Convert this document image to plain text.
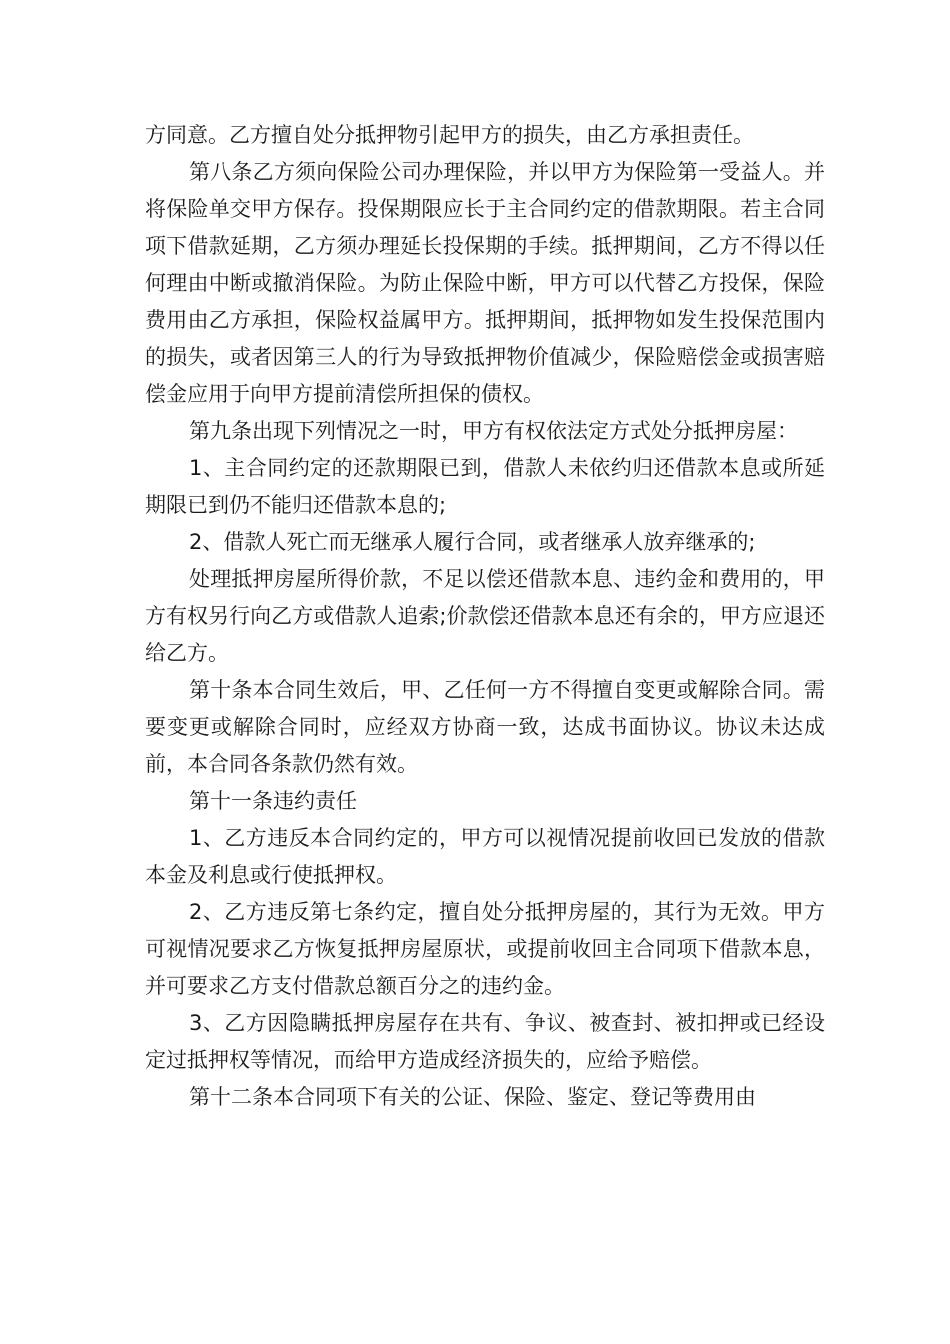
方同意。乙方擅自处分抵押物引起甲方的损失，由乙方承担责任。

第八条乙方须向保险公司办理保险，并以甲方为保险第一受益人。并将保险单交甲方保存。投保期限应长于主合同约定的借款期限。若主合同项下借款延期，乙方须办理延长投保期的手续。抵押期间，乙方不得以任何理由中断或撤消保险。为防止保险中断，甲方可以代替乙方投保，保险费用由乙方承担，保险权益属甲方。抵押期间，抵押物如发生投保范围内的损失，或者因第三人的行为导致抵押物价值减少，保险赔偿金或损害赔偿金应用于向甲方提前清偿所担保的债权。

第九条出现下列情况之一时，甲方有权依法定方式处分抵押房屋：

1、主合同约定的还款期限已到，借款人未依约归还借款本息或所延期限已到仍不能归还借款本息的;

2、借款人死亡而无继承人履行合同，或者继承人放弃继承的;

处理抵押房屋所得价款，不足以偿还借款本息、违约金和费用的，甲方有权另行向乙方或借款人追索;价款偿还借款本息还有余的，甲方应退还给乙方。

第十条本合同生效后，甲、乙任何一方不得擅自变更或解除合同。需要变更或解除合同时，应经双方协商一致，达成书面协议。协议未达成前，本合同各条款仍然有效。

第十一条违约责任

1、乙方违反本合同约定的，甲方可以视情况提前收回已发放的借款本金及利息或行使抵押权。

2、乙方违反第七条约定，擅自处分抵押房屋的，其行为无效。甲方可视情况要求乙方恢复抵押房屋原状，或提前收回主合同项下借款本息，并可要求乙方支付借款总额百分之的违约金。

3、乙方因隐瞒抵押房屋存在共有、争议、被查封、被扣押或已经设定过抵押权等情况，而给甲方造成经济损失的，应给予赔偿。

第十二条本合同项下有关的公证、保险、鉴定、登记等费用由
